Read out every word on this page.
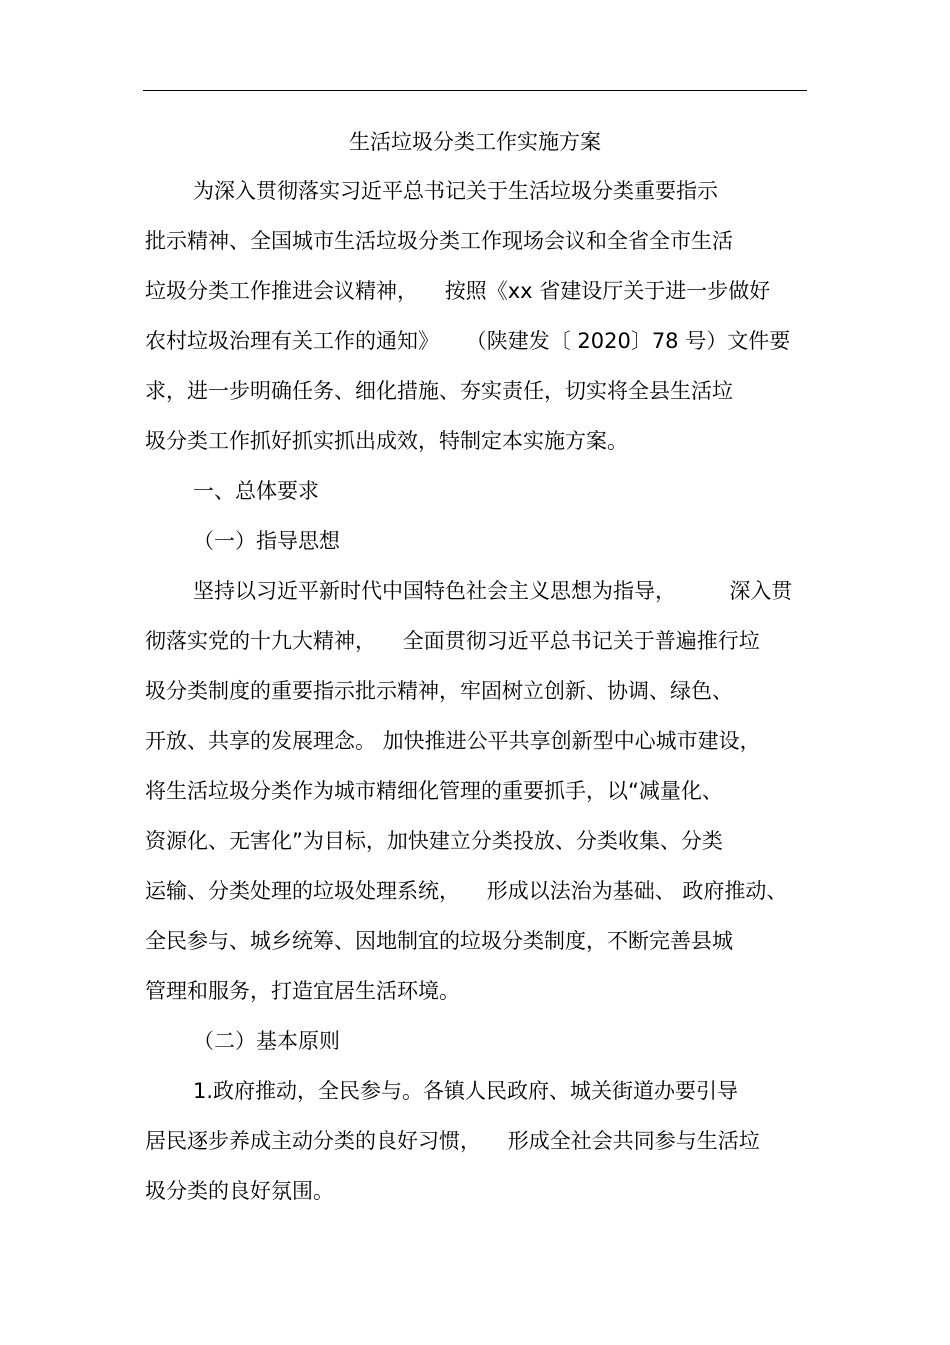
生活垃圾分类工作实施方案
为深入贯彻落实习近平总书记关于生活垃圾分类重要指示
批示精神、全国城市生活垃圾分类工作现场会议和全省全市生活
垃圾分类工作推进会议精神，    按照《xx 省建设厅关于进一步做好
农村垃圾治理有关工作的通知》    （陕建发〔 2020〕78 号）文件要
求，进一步明确任务、细化措施、夯实责任，切实将全县生活垃
圾分类工作抓好抓实抓出成效，特制定本实施方案。
一、总体要求
（一）指导思想
坚持以习近平新时代中国特色社会主义思想为指导，        深入贯
彻落实党的十九大精神，    全面贯彻习近平总书记关于普遍推行垃
圾分类制度的重要指示批示精神，牢固树立创新、协调、绿色、
开放、共享的发展理念。 加快推进公平共享创新型中心城市建设，
将生活垃圾分类作为城市精细化管理的重要抓手，以“减量化、
资源化、无害化”为目标，加快建立分类投放、分类收集、分类
运输、分类处理的垃圾处理系统，    形成以法治为基础、 政府推动、
全民参与、城乡统筹、因地制宜的垃圾分类制度，不断完善县城
管理和服务，打造宜居生活环境。
（二）基本原则
1.政府推动，全民参与。各镇人民政府、城关街道办要引导
居民逐步养成主动分类的良好习惯，    形成全社会共同参与生活垃
圾分类的良好氛围。
